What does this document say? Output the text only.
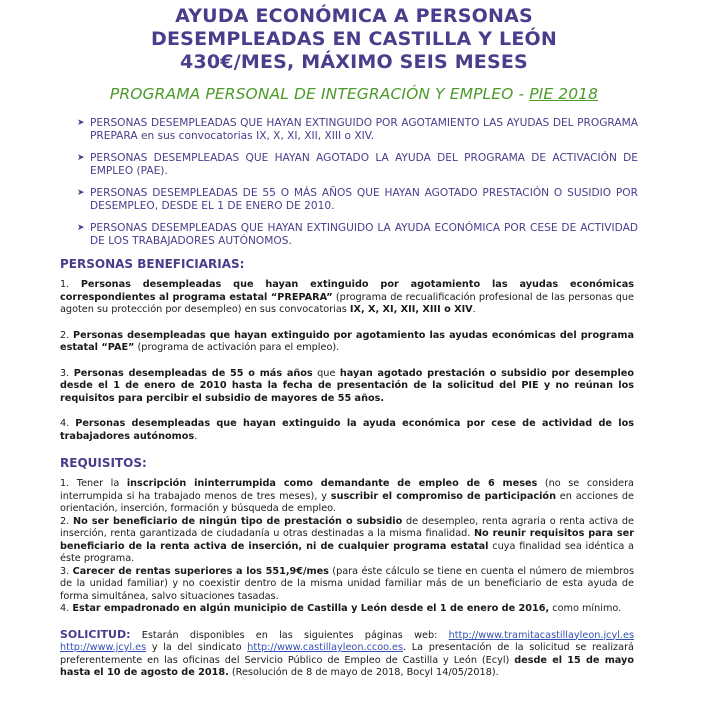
AYUDA ECONÓMICA A PERSONAS
DESEMPLEADAS EN CASTILLA Y LEÓN
430€/MES, MÁXIMO SEIS MESES
PROGRAMA PERSONAL DE INTEGRACIÓN Y EMPLEO - PIE 2018
➤ PERSONAS DESEMPLEADAS QUE HAYAN EXTINGUIDO POR AGOTAMIENTO LAS AYUDAS DEL PROGRAMA PREPARA en sus convocatorias IX, X, XI, XII, XIII o XIV.
➤ PERSONAS DESEMPLEADAS QUE HAYAN AGOTADO LA AYUDA DEL PROGRAMA DE ACTIVACIÓN DE EMPLEO (PAE).
➤ PERSONAS DESEMPLEADAS DE 55 O MÁS AÑOS QUE HAYAN AGOTADO PRESTACIÓN O SUSIDIO POR DESEMPLEO, DESDE EL 1 DE ENERO DE 2010.
➤ PERSONAS DESEMPLEADAS QUE HAYAN EXTINGUIDO LA AYUDA ECONÓMICA POR CESE DE ACTIVIDAD DE LOS TRABAJADORES AUTÓNOMOS.
PERSONAS BENEFICIARIAS:
1. Personas desempleadas que hayan extinguido por agotamiento las ayudas económicas correspondientes al programa estatal “PREPARA” (programa de recualificación profesional de las personas que agoten su protección por desempleo) en sus convocatorias IX, X, XI, XII, XIII o XIV.
2. Personas desempleadas que hayan extinguido por agotamiento las ayudas económicas del programa estatal “PAE” (programa de activación para el empleo).
3. Personas desempleadas de 55 o más años que hayan agotado prestación o subsidio por desempleo desde el 1 de enero de 2010 hasta la fecha de presentación de la solicitud del PIE y no reúnan los requisitos para percibir el subsidio de mayores de 55 años.
4. Personas desempleadas que hayan extinguido la ayuda económica por cese de actividad de los trabajadores autónomos.
REQUISITOS:
1. Tener la inscripción ininterrumpida como demandante de empleo de 6 meses (no se considera interrumpida si ha trabajado menos de tres meses), y suscribir el compromiso de participación en acciones de orientación, inserción, formación y búsqueda de empleo.
2. No ser beneficiario de ningún tipo de prestación o subsidio de desempleo, renta agraria o renta activa de inserción, renta garantizada de ciudadanía u otras destinadas a la misma finalidad. No reunir requisitos para ser beneficiario de la renta activa de inserción, ni de cualquier programa estatal cuya finalidad sea idéntica a éste programa.
3. Carecer de rentas superiores a los 551,9€/mes (para éste cálculo se tiene en cuenta el número de miembros de la unidad familiar) y no coexistir dentro de la misma unidad familiar más de un beneficiario de esta ayuda de forma simultánea, salvo situaciones tasadas.
4. Estar empadronado en algún municipio de Castilla y León desde el 1 de enero de 2016, como mínimo.
SOLICITUD: Estarán disponibles en las siguientes páginas web: http://www.tramitacastillayleon.jcyl.es http://www.jcyl.es y la del sindicato http://www.castillayleon.ccoo.es. La presentación de la solicitud se realizará preferentemente en las oficinas del Servicio Público de Empleo de Castilla y León (Ecyl) desde el 15 de mayo hasta el 10 de agosto de 2018. (Resolución de 8 de mayo de 2018, Bocyl 14/05/2018).
